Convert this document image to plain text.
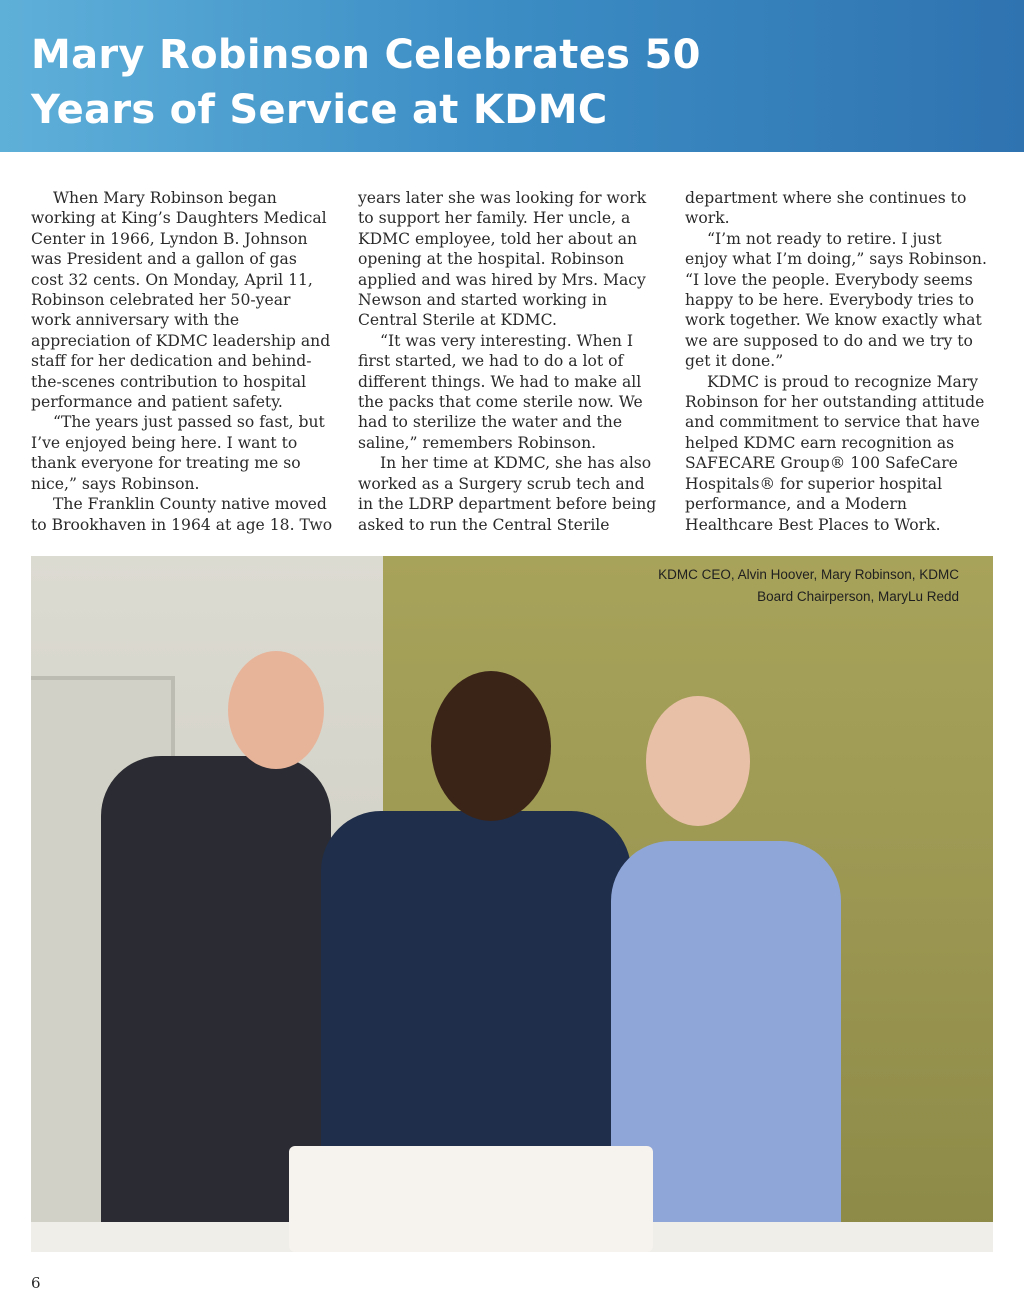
Mary Robinson Celebrates 50
Years of Service at KDMC

When Mary Robinson began working at King’s Daughters Medical Center in 1966, Lyndon B. Johnson was President and a gallon of gas cost 32 cents. On Monday, April 11, Robinson celebrated her 50-year work anniversary with the appreciation of KDMC leadership and staff for her dedication and behind-the-scenes contribution to hospital performance and patient safety.

“The years just passed so fast, but I’ve enjoyed being here. I want to thank everyone for treating me so nice,” says Robinson.

The Franklin County native moved to Brookhaven in 1964 at age 18. Two

years later she was looking for work to support her family. Her uncle, a KDMC employee, told her about an opening at the hospital. Robinson applied and was hired by Mrs. Macy Newson and started working in Central Sterile at KDMC.

“It was very interesting. When I first started, we had to do a lot of different things. We had to make all the packs that come sterile now. We had to sterilize the water and the saline,” remembers Robinson.

In her time at KDMC, she has also worked as a Surgery scrub tech and in the LDRP department before being asked to run the Central Sterile

department where she continues to work.

“I’m not ready to retire. I just enjoy what I’m doing,” says Robinson. “I love the people. Everybody seems happy to be here. Everybody tries to work together. We know exactly what we are supposed to do and we try to get it done.”

KDMC is proud to recognize Mary Robinson for her outstanding attitude and commitment to service that have helped KDMC earn recognition as SAFECARE Group® 100 SafeCare Hospitals® for superior hospital performance, and a Modern Healthcare Best Places to Work.

KDMC CEO, Alvin Hoover, Mary Robinson, KDMC
Board Chairperson, MaryLu Redd

6
